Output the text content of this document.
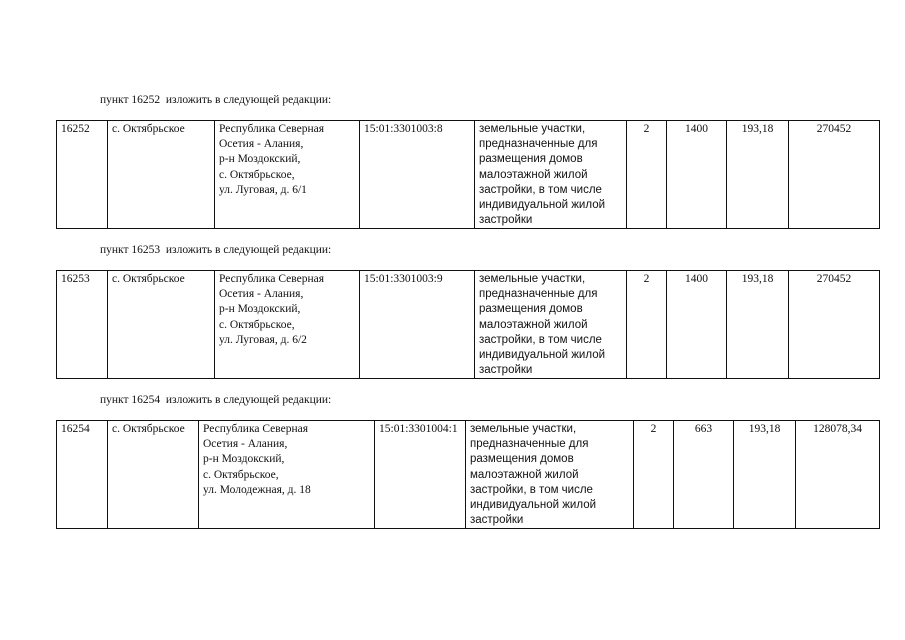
пункт 16252  изложить в следующей редакции:
16252	с. Октябрьское	Республика Северная
Осетия - Алания,
р-н Моздокский,
с. Октябрьское,
ул. Луговая, д. 6/1
	15:01:3301003:8	земельные участки,
предназначенные для
размещения домов
малоэтажной жилой
застройки, в том числе
индивидуальной жилой
застройки
	2	1400	193,18	270452
пункт 16253  изложить в следующей редакции:
16253	с. Октябрьское	Республика Северная
Осетия - Алания,
р-н Моздокский,
с. Октябрьское,
ул. Луговая, д. 6/2
	15:01:3301003:9	земельные участки,
предназначенные для
размещения домов
малоэтажной жилой
застройки, в том числе
индивидуальной жилой
застройки
	2	1400	193,18	270452
пункт 16254  изложить в следующей редакции:
16254	с. Октябрьское	Республика Северная
Осетия - Алания,
р-н Моздокский,
с. Октябрьское,
ул. Молодежная, д. 18
	15:01:3301004:1	земельные участки,
предназначенные для
размещения домов
малоэтажной жилой
застройки, в том числе
индивидуальной жилой
застройки
	2	663	193,18	128078,34
